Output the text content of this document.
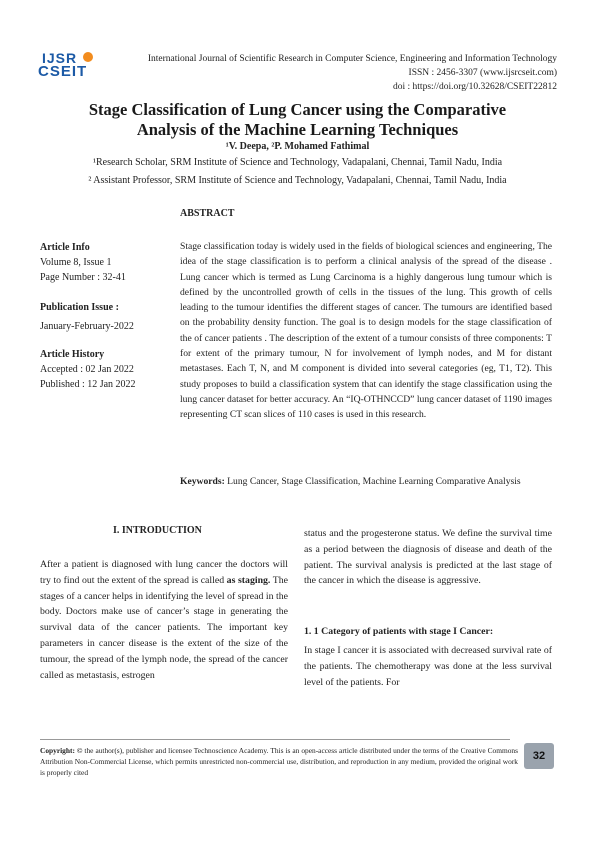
IJSR
CSEIT
International Journal of Scientific Research in Computer Science, Engineering and Information Technology
ISSN : 2456-3307 (www.ijsrcseit.com)
doi : https://doi.org/10.32628/CSEIT22812
Stage Classification of Lung Cancer using the Comparative
Analysis of the Machine Learning Techniques
¹V. Deepa, ²P. Mohamed Fathimal
¹Research Scholar, SRM Institute of Science and Technology, Vadapalani, Chennai, Tamil Nadu, India
² Assistant Professor, SRM Institute of Science and Technology, Vadapalani, Chennai, Tamil Nadu, India
ABSTRACT
Article Info
Volume 8, Issue 1
Page Number : 32-41
Publication Issue :
January-February-2022
Article History
Accepted : 02 Jan 2022
Published : 12 Jan 2022
Stage classification today is widely used in the fields of biological sciences and engineering, The idea of the stage classification is to perform a clinical analysis of the spread of the disease . Lung cancer which is termed as Lung Carcinoma is a highly dangerous lung tumour which is defined by the uncontrolled growth of cells in the tissues of the lung. This growth of cells leading to the tumour identifies the different stages of cancer. The tumours are identified based on the probability density function. The goal is to design models for the stage classification of the of cancer patients . The description of the extent of a tumour consists of three components: T for extent of the primary tumour, N for involvement of lymph nodes, and M for distant metastases. Each T, N, and M component is divided into several categories (eg, T1, T2). This study proposes to build a classification system that can identify the stage classification using the lung cancer dataset for better accuracy. An “IQ-OTHNCCD” lung cancer dataset of 1190 images representing CT scan slices of 110 cases is used in this research.
Keywords: Lung Cancer, Stage Classification, Machine Learning Comparative Analysis
I. INTRODUCTION
After a patient is diagnosed with lung cancer the doctors will try to find out the extent of the spread is called as staging. The stages of a cancer helps in identifying the level of spread in the body. Doctors make use of cancer’s stage in generating the survival data of the cancer patients. The important key parameters in cancer disease is the extent of the size of the tumour, the spread of the lymph node, the spread of the cancer called as metastasis, estrogen
status and the progesterone status. We define the survival time as a period between the diagnosis of disease and death of the patient. The survival analysis is predicted at the last stage of the cancer in which the disease is aggressive.
1. 1 Category of patients with stage I Cancer:
In stage I cancer it is associated with decreased survival rate of the patients. The chemotherapy was done at the less survival level of the patients. For
Copyright: © the author(s), publisher and licensee Technoscience Academy. This is an open-access article distributed under the terms of the Creative Commons Attribution Non-Commercial License, which permits unrestricted non-commercial use, distribution, and reproduction in any medium, provided the original work is properly cited
32
